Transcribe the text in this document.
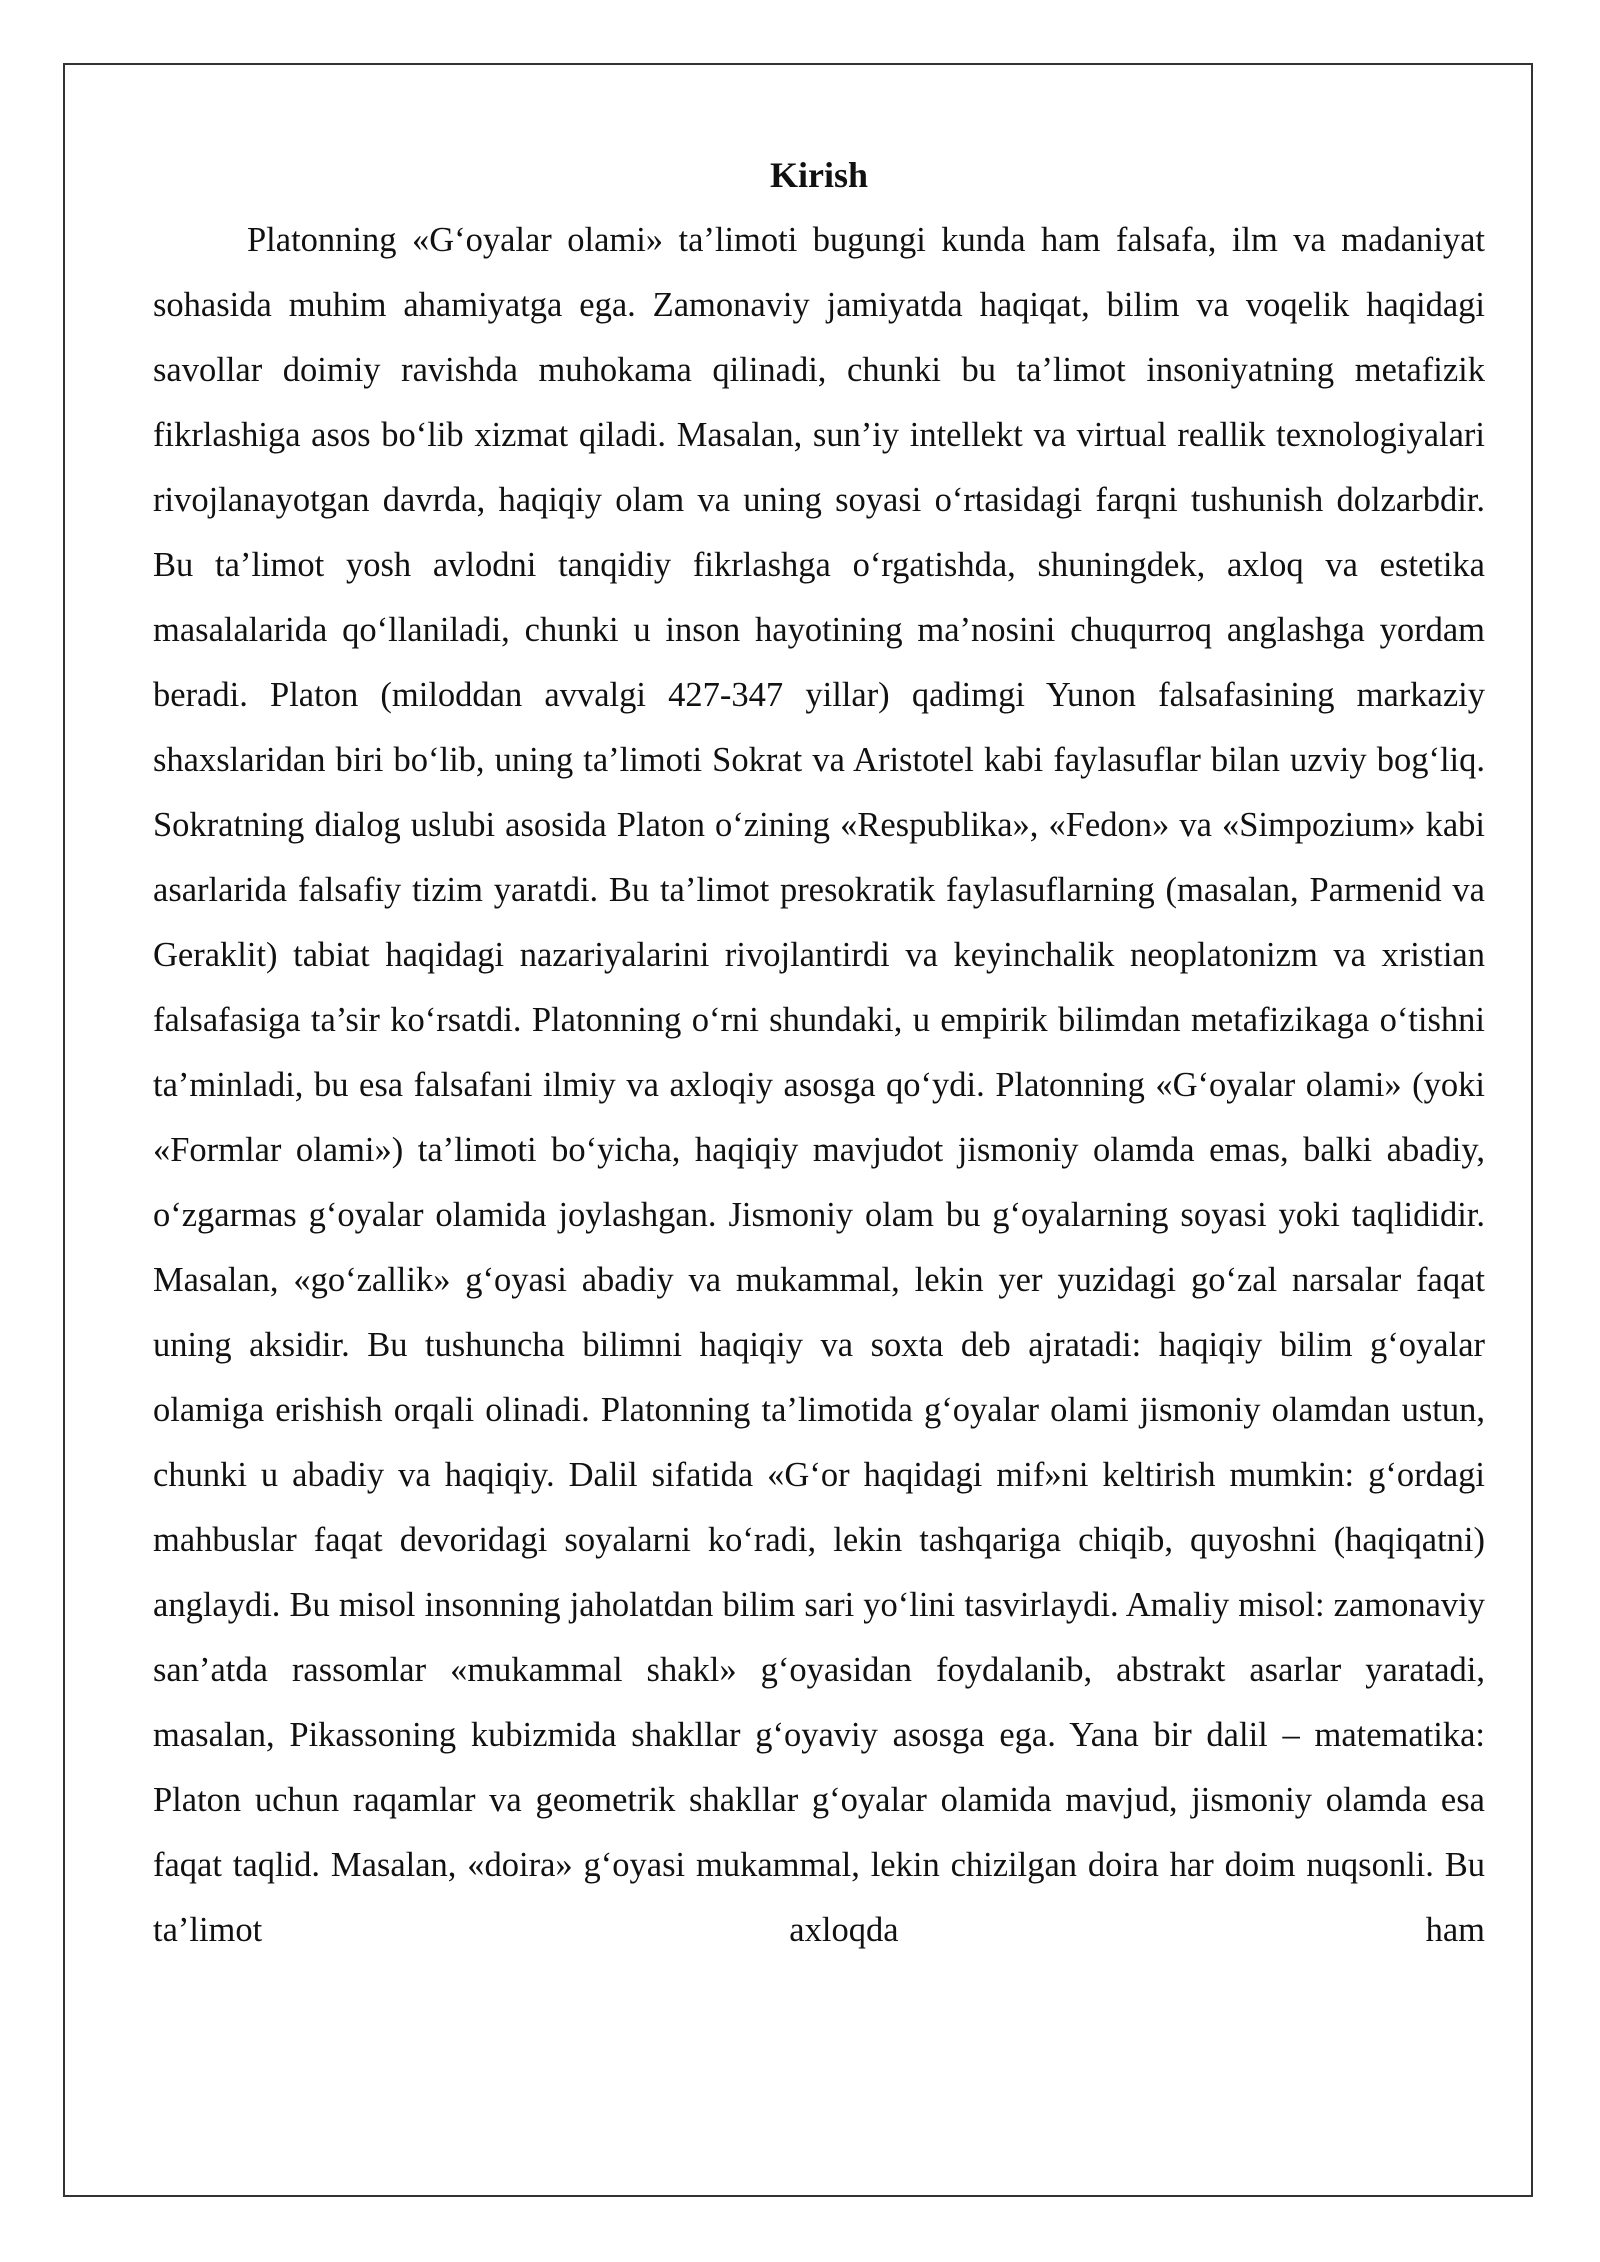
Kirish

Platonning «G‘oyalar olami» ta’limoti bugungi kunda ham falsafa, ilm va madaniyat sohasida muhim ahamiyatga ega. Zamonaviy jamiyatda haqiqat, bilim va voqelik haqidagi savollar doimiy ravishda muhokama qilinadi, chunki bu ta’limot insoniyatning metafizik fikrlashiga asos bo‘lib xizmat qiladi. Masalan, sun’iy intellekt va virtual reallik texnologiyalari rivojlanayotgan davrda, haqiqiy olam va uning soyasi o‘rtasidagi farqni tushunish dolzarbdir. Bu ta’limot yosh avlodni tanqidiy fikrlashga o‘rgatishda, shuningdek, axloq va estetika masalalarida qo‘llaniladi, chunki u inson hayotining ma’nosini chuqurroq anglashga yordam beradi. Platon (miloddan avvalgi 427-347 yillar) qadimgi Yunon falsafasining markaziy shaxslaridan biri bo‘lib, uning ta’limoti Sokrat va Aristotel kabi faylasuflar bilan uzviy bog‘liq. Sokratning dialog uslubi asosida Platon o‘zining «Respublika», «Fedon» va «Simpozium» kabi asarlarida falsafiy tizim yaratdi. Bu ta’limot presokratik faylasuflarning (masalan, Parmenid va Geraklit) tabiat haqidagi nazariyalarini rivojlantirdi va keyinchalik neoplatonizm va xristian falsafasiga ta’sir ko‘rsatdi. Platonning o‘rni shundaki, u empirik bilimdan metafizikaga o‘tishni ta’minladi, bu esa falsafani ilmiy va axloqiy asosga qo‘ydi. Platonning «G‘oyalar olami» (yoki «Formlar olami») ta’limoti bo‘yicha, haqiqiy mavjudot jismoniy olamda emas, balki abadiy, o‘zgarmas g‘oyalar olamida joylashgan. Jismoniy olam bu g‘oyalarning soyasi yoki taqlididir. Masalan, «go‘zallik» g‘oyasi abadiy va mukammal, lekin yer yuzidagi go‘zal narsalar faqat uning aksidir. Bu tushuncha bilimni haqiqiy va soxta deb ajratadi: haqiqiy bilim g‘oyalar olamiga erishish orqali olinadi. Platonning ta’limotida g‘oyalar olami jismoniy olamdan ustun, chunki u abadiy va haqiqiy. Dalil sifatida «G‘or haqidagi mif»ni keltirish mumkin: g‘ordagi mahbuslar faqat devoridagi soyalarni ko‘radi, lekin tashqariga chiqib, quyoshni (haqiqatni) anglaydi. Bu misol insonning jaholatdan bilim sari yo‘lini tasvirlaydi. Amaliy misol: zamonaviy san’atda rassomlar «mukammal shakl» g‘oyasidan foydalanib, abstrakt asarlar yaratadi, masalan, Pikassoning kubizmida shakllar g‘oyaviy asosga ega. Yana bir dalil – matematika: Platon uchun raqamlar va geometrik shakllar g‘oyalar olamida mavjud, jismoniy olamda esa faqat taqlid. Masalan, «doira» g‘oyasi mukammal, lekin chizilgan doira har doim nuqsonli. Bu ta’limot axloqda ham
